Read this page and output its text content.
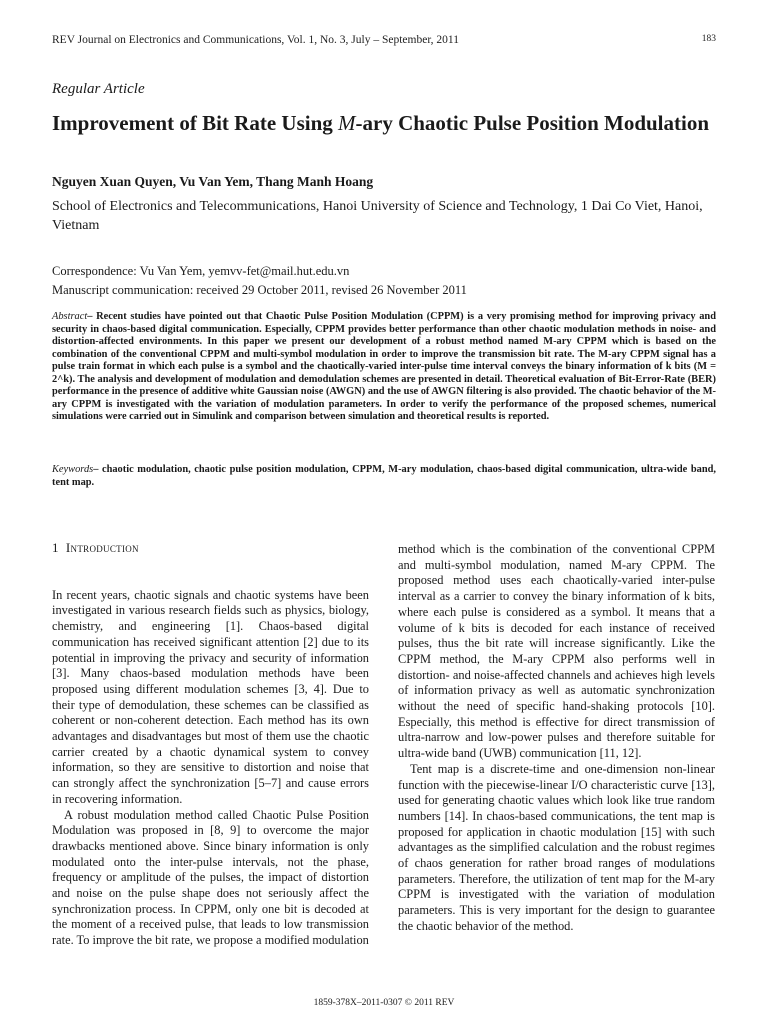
REV Journal on Electronics and Communications, Vol. 1, No. 3, July – September, 2011	183
Regular Article
Improvement of Bit Rate Using M-ary Chaotic Pulse Position Modulation
Nguyen Xuan Quyen, Vu Van Yem, Thang Manh Hoang
School of Electronics and Telecommunications, Hanoi University of Science and Technology, 1 Dai Co Viet, Hanoi, Vietnam
Correspondence: Vu Van Yem, yemvv-fet@mail.hut.edu.vn
Manuscript communication: received 29 October 2011, revised 26 November 2011

Abstract– Recent studies have pointed out that Chaotic Pulse Position Modulation (CPPM) is a very promising method for improving privacy and security in chaos-based digital communication. Especially, CPPM provides better performance than other chaotic modulation methods in noise- and distortion-affected environments. In this paper we present our development of a robust method named M-ary CPPM which is based on the combination of the conventional CPPM and multi-symbol modulation in order to improve the transmission bit rate. The M-ary CPPM signal has a pulse train format in which each pulse is a symbol and the chaotically-varied inter-pulse time interval conveys the binary information of k bits (M = 2^k). The analysis and development of modulation and demodulation schemes are presented in detail. Theoretical evaluation of Bit-Error-Rate (BER) performance in the presence of additive white Gaussian noise (AWGN) and the use of AWGN filtering is also provided. The chaotic behavior of the M-ary CPPM is investigated with the variation of modulation parameters. In order to verify the performance of the proposed schemes, numerical simulations were carried out in Simulink and comparison between simulation and theoretical results is reported.

Keywords– chaotic modulation, chaotic pulse position modulation, CPPM, M-ary modulation, chaos-based digital communication, ultra-wide band, tent map.

1 Introduction

In recent years, chaotic signals and chaotic systems have been investigated in various research fields such as physics, biology, chemistry, and engineering [1]. Chaos-based digital communication has received significant attention [2] due to its potential in improving the privacy and security of information [3]. Many chaos-based modulation methods have been proposed using different modulation schemes [3, 4]. Due to their type of demodulation, these schemes can be classified as coherent or non-coherent detection. Each method has its own advantages and disadvantages but most of them use the chaotic carrier created by a chaotic dynamical system to convey information, so they are sensitive to distortion and noise that can strongly affect the synchronization [5–7] and cause errors in recovering information.

A robust modulation method called Chaotic Pulse Position Modulation was proposed in [8, 9] to overcome the major drawbacks mentioned above. Since binary information is only modulated onto the inter-pulse intervals, not the phase, frequency or amplitude of the pulses, the impact of distortion and noise on the pulse shape does not seriously affect the synchronization process. In CPPM, only one bit is decoded at the moment of a received pulse, that leads to low transmission rate. To improve the bit rate, we propose a modified modulation

method which is the combination of the conventional CPPM and multi-symbol modulation, named M-ary CPPM. The proposed method uses each chaotically-varied inter-pulse interval as a carrier to convey the binary information of k bits, where each pulse is considered as a symbol. It means that a volume of k bits is decoded for each instance of received pulses, thus the bit rate will increase significantly. Like the CPPM method, the M-ary CPPM also performs well in distortion- and noise-affected channels and achieves high levels of information privacy as well as automatic synchronization without the need of specific hand-shaking protocols [10]. Especially, this method is effective for direct transmission of ultra-narrow and low-power pulses and therefore suitable for ultra-wide band (UWB) communication [11, 12].

Tent map is a discrete-time and one-dimension non-linear function with the piecewise-linear I/O characteristic curve [13], used for generating chaotic values which look like true random numbers [14]. In chaos-based communications, the tent map is proposed for application in chaotic modulation [15] with such advantages as the simplified calculation and the robust regimes of chaos generation for rather broad ranges of modulations parameters. Therefore, the utilization of tent map for the M-ary CPPM is investigated with the variation of modulation parameters. This is very important for the design to guarantee the chaotic behavior of the method.

1859-378X–2011-0307 © 2011 REV
